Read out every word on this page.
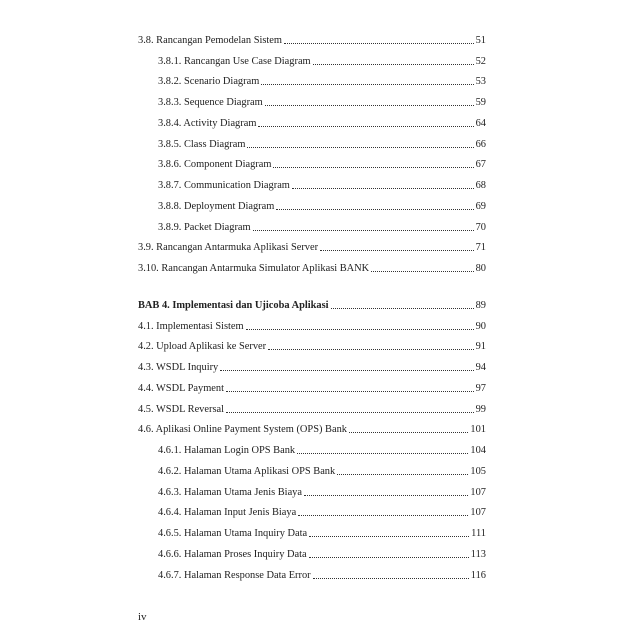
3.8. Rancangan Pemodelan Sistem	51
3.8.1. Rancangan Use Case Diagram	52
3.8.2. Scenario Diagram	53
3.8.3. Sequence Diagram	59
3.8.4. Activity Diagram	64
3.8.5. Class Diagram	66
3.8.6. Component Diagram	67
3.8.7. Communication Diagram	68
3.8.8. Deployment Diagram	69
3.8.9. Packet Diagram	70
3.9. Rancangan Antarmuka Aplikasi Server	71
3.10. Rancangan Antarmuka Simulator Aplikasi BANK	80
BAB 4. Implementasi dan Ujicoba Aplikasi	89
4.1. Implementasi Sistem	90
4.2. Upload Aplikasi ke Server	91
4.3. WSDL Inquiry	94
4.4. WSDL Payment	97
4.5. WSDL Reversal	99
4.6. Aplikasi Online Payment System (OPS) Bank	101
4.6.1. Halaman Login OPS Bank	104
4.6.2. Halaman Utama Aplikasi OPS Bank	105
4.6.3. Halaman Utama Jenis Biaya	107
4.6.4. Halaman Input Jenis Biaya	107
4.6.5. Halaman Utama Inquiry Data	111
4.6.6. Halaman Proses Inquiry Data	113
4.6.7. Halaman Response Data Error	116
iv
